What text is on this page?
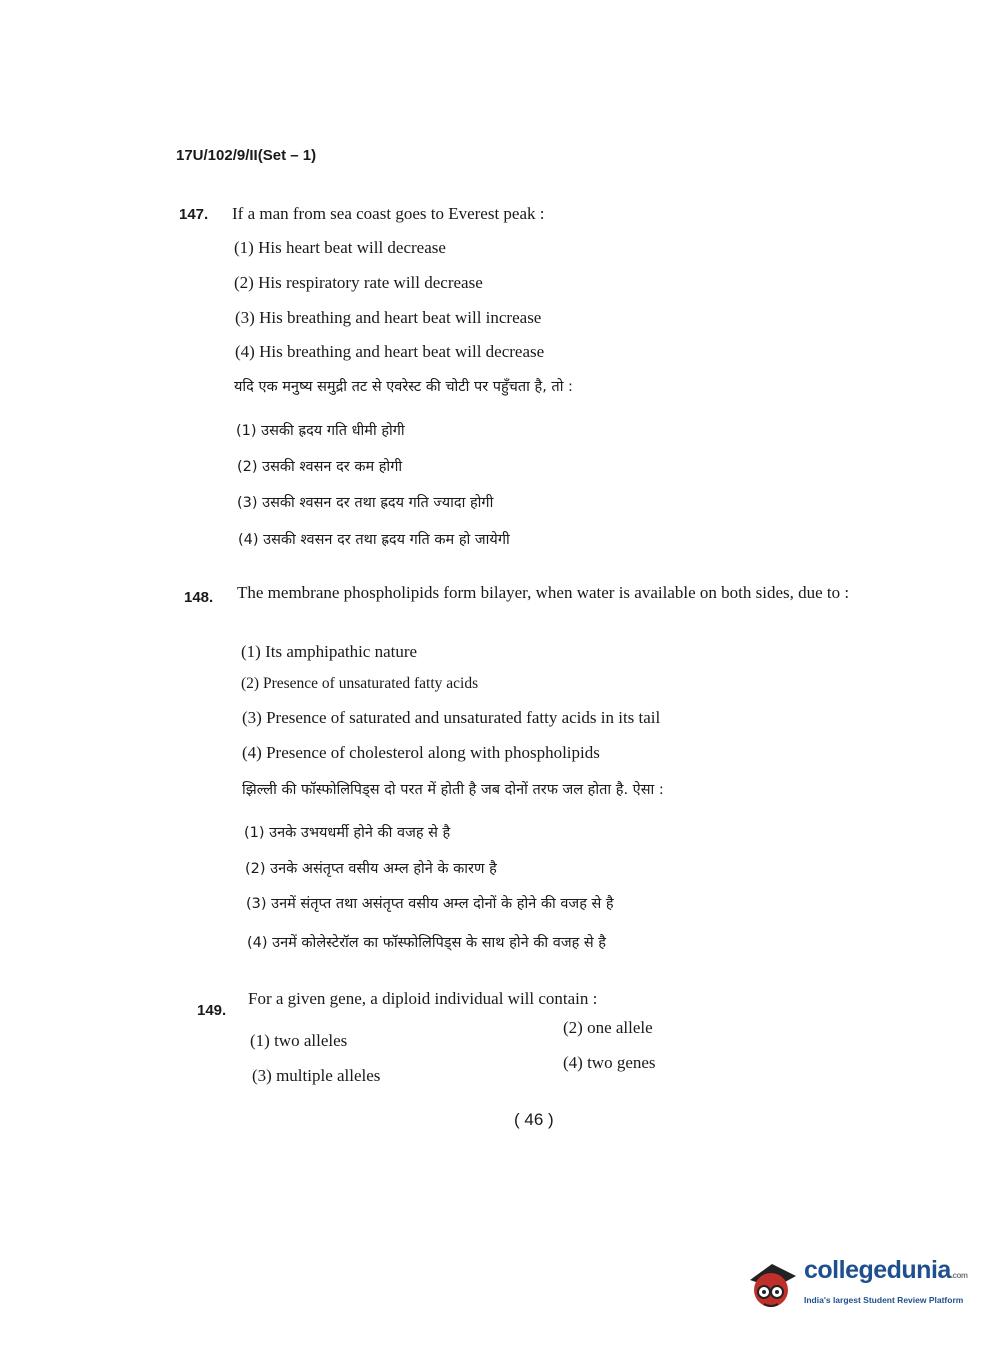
17U/102/9/II(Set – 1)
147. If a man from sea coast goes to Everest peak :
(1) His heart beat will decrease
(2) His respiratory rate will decrease
(3) His breathing and heart beat will increase
(4) His breathing and heart beat will decrease
यदि एक मनुष्य समुद्री तट से एवरेस्ट की चोटी पर पहुँचता है, तो :
(1) उसकी ह्रदय गति धीमी होगी
(2) उसकी श्वसन दर कम होगी
(3) उसकी श्वसन दर तथा ह्रदय गति ज्यादा होगी
(4) उसकी श्वसन दर तथा ह्रदय गति कम हो जायेगी
148. The membrane phospholipids form bilayer, when water is available on both sides, due to :
(1) Its amphipathic nature
(2) Presence of unsaturated fatty acids
(3) Presence of saturated and unsaturated fatty acids in its tail
(4) Presence of cholesterol along with phospholipids
झिल्ली की फॉस्फोलिपिड्स दो परत में होती है जब दोनों तरफ जल होता है. ऐसा :
(1) उनके उभयधर्मी होने की वजह से है
(2) उनके असंतृप्त वसीय अम्ल होने के कारण है
(3) उनमें संतृप्त तथा असंतृप्त वसीय अम्ल दोनों के होने की वजह से है
(4) उनमें कोलेस्टेरॉल का फॉस्फोलिपिड्स के साथ होने की वजह से है
149.
For a given gene, a diploid individual will contain :
(1) two alleles
(2) one allele
(3) multiple alleles
(4) two genes
( 46 )
collegedunia.com
India's largest Student Review Platform
